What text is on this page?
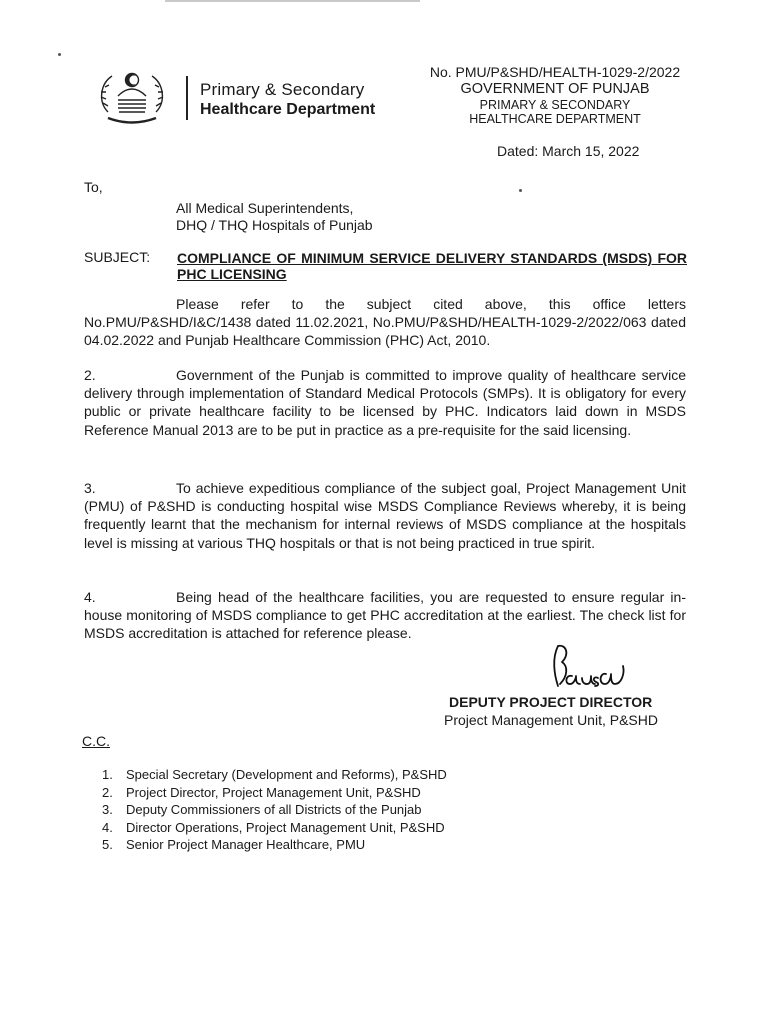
Primary & Secondary
Healthcare Department
No. PMU/P&SHD/HEALTH-1029-2/2022
GOVERNMENT OF PUNJAB
PRIMARY & SECONDARY
HEALTHCARE DEPARTMENT
Dated: March 15, 2022
To,
All Medical Superintendents,
DHQ / THQ Hospitals of Punjab
SUBJECT: COMPLIANCE OF MINIMUM SERVICE DELIVERY STANDARDS (MSDS) FOR PHC LICENSING
Please refer to the subject cited above, this office letters No.PMU/P&SHD/I&C/1438 dated 11.02.2021, No.PMU/P&SHD/HEALTH-1029-2/2022/063 dated 04.02.2022 and Punjab Healthcare Commission (PHC) Act, 2010.
2.	Government of the Punjab is committed to improve quality of healthcare service delivery through implementation of Standard Medical Protocols (SMPs). It is obligatory for every public or private healthcare facility to be licensed by PHC. Indicators laid down in MSDS Reference Manual 2013 are to be put in practice as a pre-requisite for the said licensing.
3.	To achieve expeditious compliance of the subject goal, Project Management Unit (PMU) of P&SHD is conducting hospital wise MSDS Compliance Reviews whereby, it is being frequently learnt that the mechanism for internal reviews of MSDS compliance at the hospitals level is missing at various THQ hospitals or that is not being practiced in true spirit.
4.	Being head of the healthcare facilities, you are requested to ensure regular in-house monitoring of MSDS compliance to get PHC accreditation at the earliest. The check list for MSDS accreditation is attached for reference please.
DEPUTY PROJECT DIRECTOR
Project Management Unit, P&SHD
C.C.
1. Special Secretary (Development and Reforms), P&SHD
2. Project Director, Project Management Unit, P&SHD
3. Deputy Commissioners of all Districts of the Punjab
4. Director Operations, Project Management Unit, P&SHD
5. Senior Project Manager Healthcare, PMU
